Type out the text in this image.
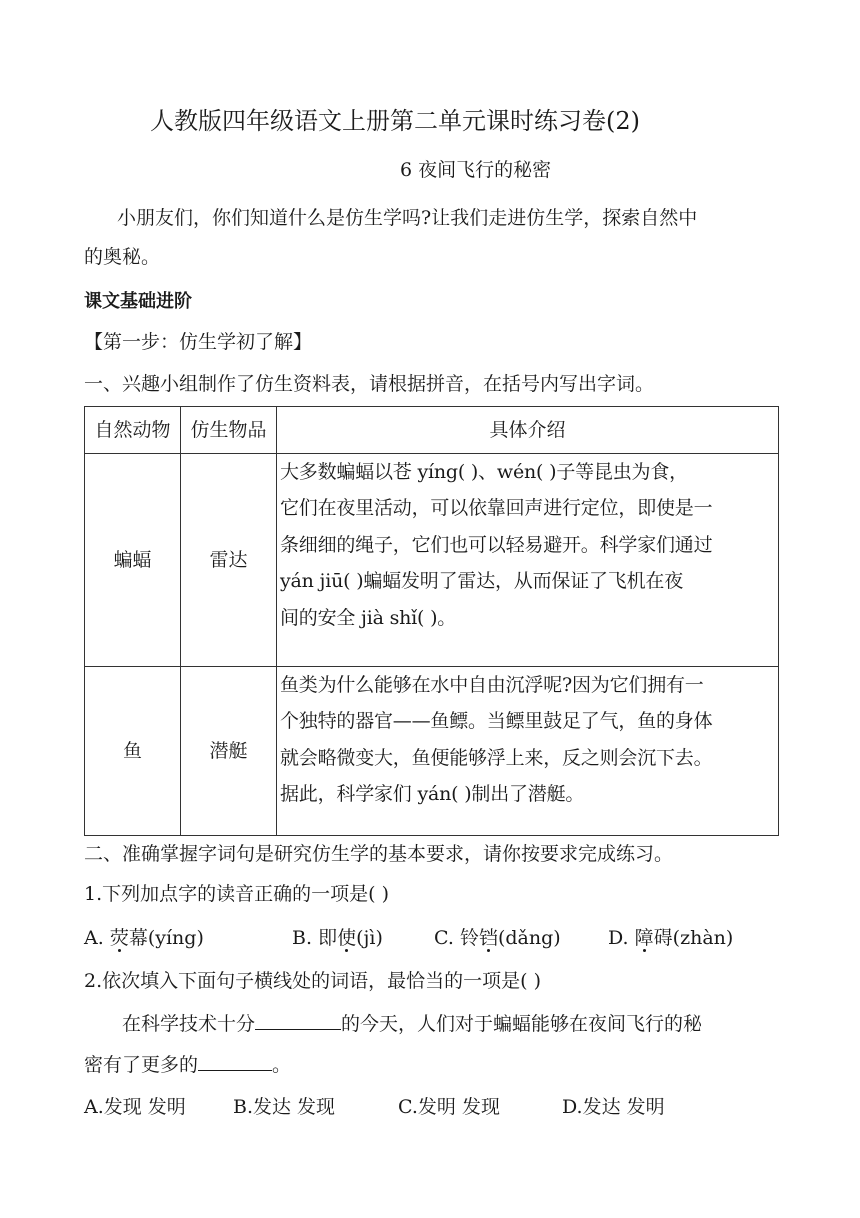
人教版四年级语文上册第二单元课时练习卷(2)
6 夜间飞行的秘密
小朋友们，你们知道什么是仿生学吗?让我们走进仿生学，探索自然中
的奥秘。
课文基础进阶
【第一步：仿生学初了解】
一、兴趣小组制作了仿生资料表，请根据拼音，在括号内写出字词。
自然动物	仿生物品	具体介绍
蝙蝠	雷达	大多数蝙蝠以苍 yíng( )、wén( )子等昆虫为食，
它们在夜里活动，可以依靠回声进行定位，即使是一
条细细的绳子，它们也可以轻易避开。科学家们通过
yán jiū( )蝙蝠发明了雷达，从而保证了飞机在夜
间的安全 jià shǐ( )。

鱼	潜艇	鱼类为什么能够在水中自由沉浮呢?因为它们拥有一
个独特的器官——鱼鳔。当鳔里鼓足了气，鱼的身体
就会略微变大，鱼便能够浮上来，反之则会沉下去。
据此，科学家们 yán( )制出了潜艇。
二、准确掌握字词句是研究仿生学的基本要求，请你按要求完成练习。
1.下列加点字的读音正确的一项是( )
A. 荧幕(yíng)	B. 即使(jì)	C. 铃铛(dǎng) D. 障碍(zhàn)
2.依次填入下面句子横线处的词语，最恰当的一项是( )
在科学技术十分	的今天，人们对于蝙蝠能够在夜间飞行的秘
密有了更多的	。
A.发现 发明 B.发达 发现	C.发明 发现	D.发达 发明
